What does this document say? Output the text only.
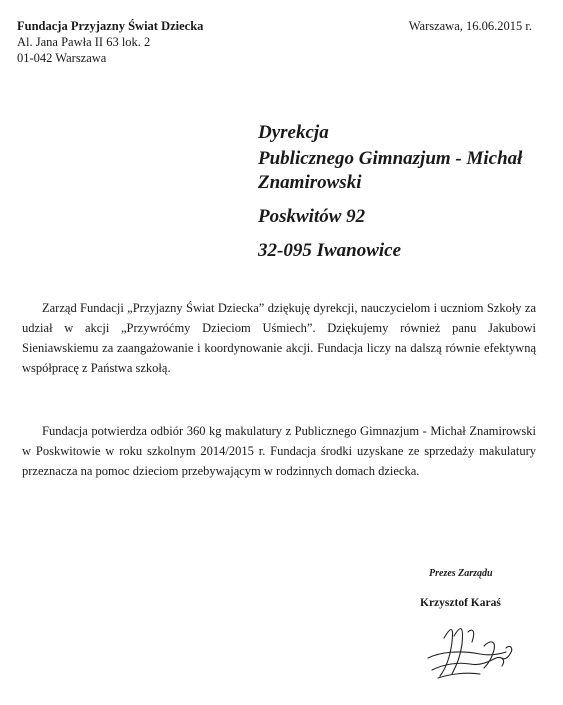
Fundacja Przyjazny Świat Dziecka
Al. Jana Pawła II 63 lok. 2
01-042 Warszawa
Warszawa, 16.06.2015 r.
Dyrekcja
Publicznego Gimnazjum - Michał
Znamirowski
Poskwitów 92
32-095 Iwanowice

Zarząd Fundacji „Przyjazny Świat Dziecka” dziękuję dyrekcji, nauczycielom i uczniom Szkoły za udział w akcji „Przywróćmy Dzieciom Uśmiech”. Dziękujemy również panu Jakubowi Sieniawskiemu za zaangażowanie i koordynowanie akcji. Fundacja liczy na dalszą równie efektywną współpracę z Państwa szkołą.

Fundacja potwierdza odbiór 360 kg makulatury z Publicznego Gimnazjum - Michał Znamirowski w Poskwitowie w roku szkolnym 2014/2015 r. Fundacja środki uzyskane ze sprzedaży makulatury przeznacza na pomoc dzieciom przebywającym w rodzinnych domach dziecka.

Prezes Zarządu
Krzysztof Karaś
